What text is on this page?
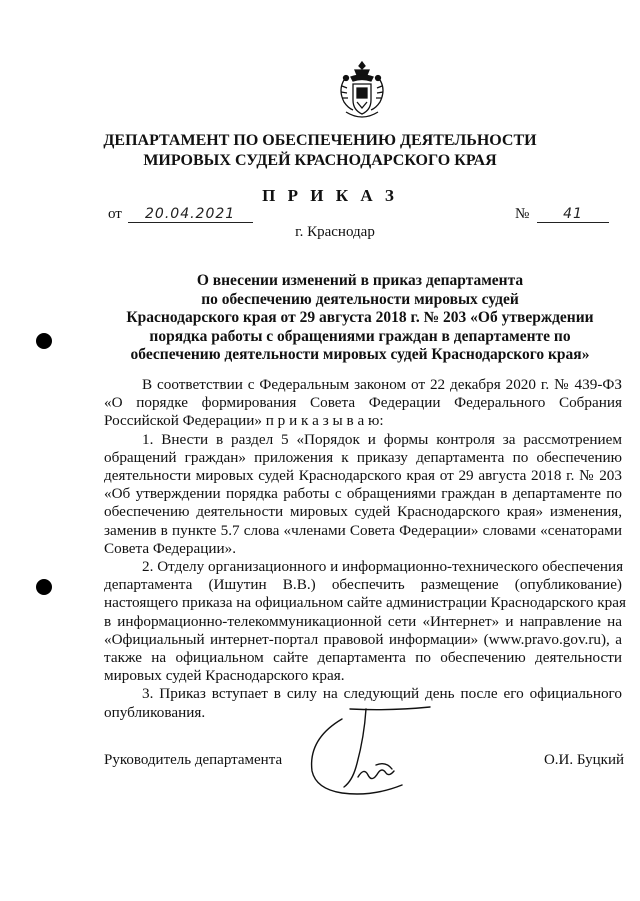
ДЕПАРТАМЕНТ ПО ОБЕСПЕЧЕНИЮ ДЕЯТЕЛЬНОСТИ
МИРОВЫХ СУДЕЙ КРАСНОДАРСКОГО КРАЯ
П Р И К А З
от 20.04.2021	№ 41
г. Краснодар
О внесении изменений в приказ департамента
по обеспечению деятельности мировых судей
Краснодарского края от 29 августа 2018 г. № 203 «Об утверждении
порядка работы с обращениями граждан в департаменте по
обеспечению деятельности мировых судей Краснодарского края»
В соответствии с Федеральным законом от 22 декабря 2020 г. № 439-ФЗ
«О порядке формирования Совета Федерации Федерального Собрания
Российской Федерации» п р и к а з ы в а ю:
1. Внести в раздел 5 «Порядок и формы контроля за рассмотрением
обращений граждан» приложения к приказу департамента по обеспечению
деятельности мировых судей Краснодарского края от 29 августа 2018 г. № 203
«Об утверждении порядка работы с обращениями граждан в департаменте по
обеспечению деятельности мировых судей Краснодарского края» изменения,
заменив в пункте 5.7 слова «членами Совета Федерации» словами «сенаторами
Совета Федерации».
2. Отделу организационного и информационно-технического обеспечения
департамента (Ишутин В.В.) обеспечить размещение (опубликование)
настоящего приказа на официальном сайте администрации Краснодарского края
в информационно-телекоммуникационной сети «Интернет» и направление на
«Официальный интернет-портал правовой информации» (www.pravo.gov.ru), а
также на официальном сайте департамента по обеспечению деятельности
мировых судей Краснодарского края.
3. Приказ вступает в силу на следующий день после его официального
опубликования.
Руководитель департамента	О.И. Буцкий
